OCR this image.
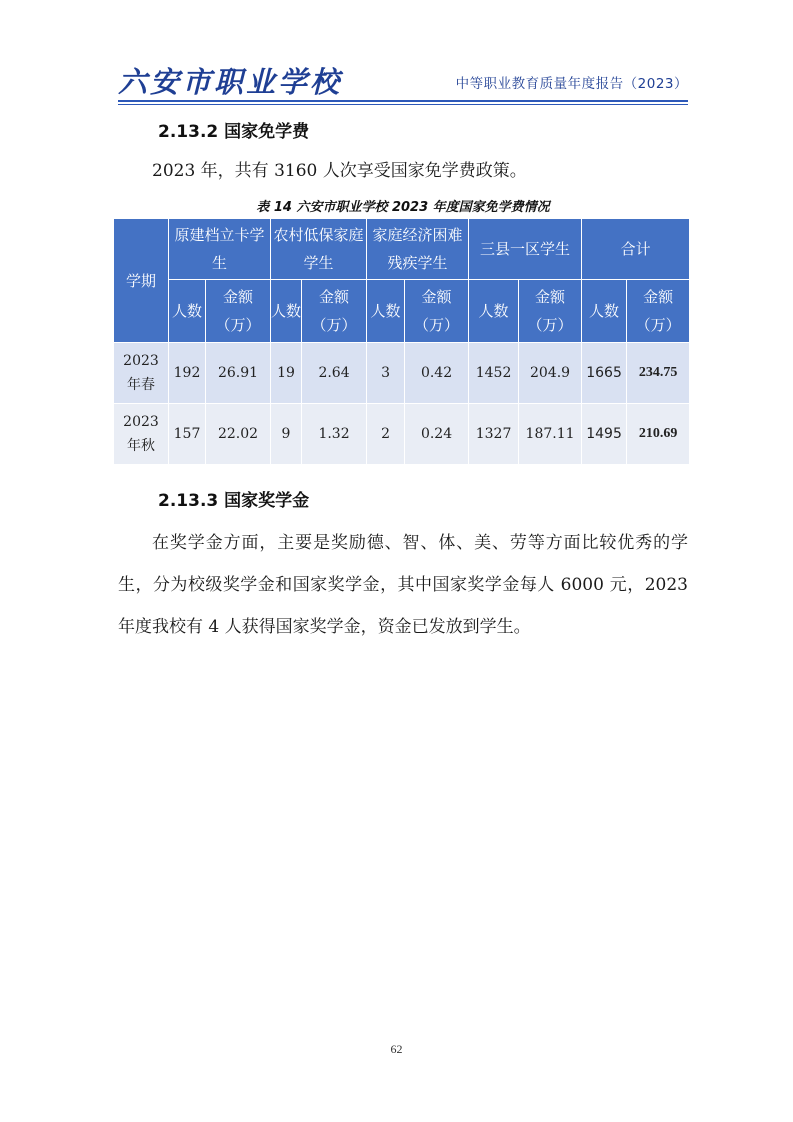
六安市职业学校	中等职业教育质量年度报告（2023）
2.13.2 国家免学费

2023 年，共有 3160 人次享受国家免学费政策。

表 14 六安市职业学校 2023 年度国家免学费情况
学期	原建档立卡学生		农村低保家庭学生		家庭经济困难残疾学生		三县一区学生		合计	
	人数	金额（万）	人数	金额（万）	人数	金额（万）	人数	金额（万）	人数	金额（万）
2023 年春	192	26.91	19	2.64	3	0.42	1452	204.9	1665	234.75
2023 年秋	157	22.02	9	1.32	2	0.24	1327	187.11	1495	210.69
2.13.3 国家奖学金

在奖学金方面，主要是奖励德、智、体、美、劳等方面比较优秀的学生，分为校级奖学金和国家奖学金，其中国家奖学金每人 6000 元，2023 年度我校有 4 人获得国家奖学金，资金已发放到学生。

62
